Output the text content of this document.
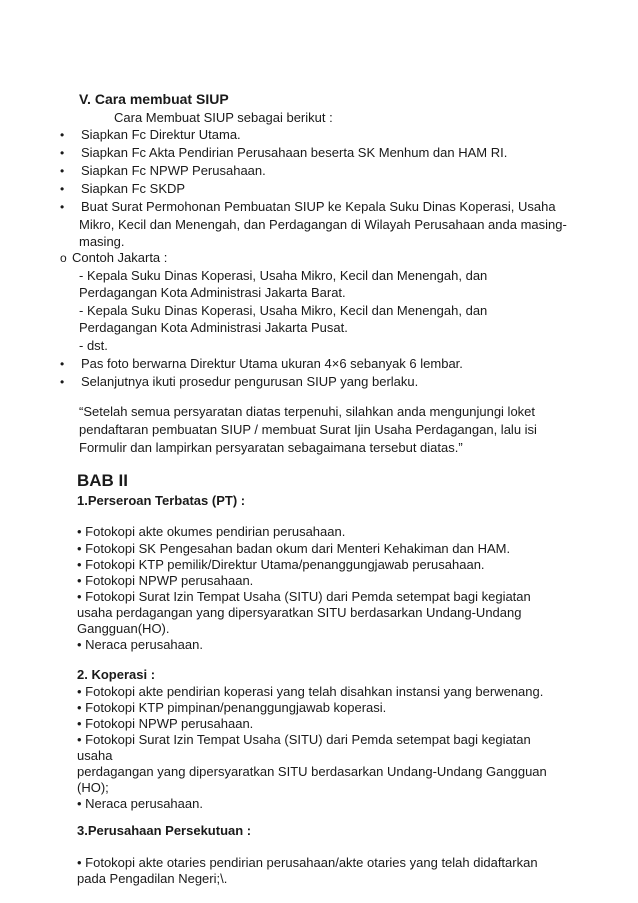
V. Cara membuat SIUP
Cara Membuat SIUP sebagai berikut :
• Siapkan Fc Direktur Utama.
• Siapkan Fc Akta Pendirian Perusahaan beserta SK Menhum dan HAM RI.
• Siapkan Fc NPWP Perusahaan.
• Siapkan Fc SKDP
• Buat Surat Permohonan Pembuatan SIUP ke Kepala Suku Dinas Koperasi, Usaha
Mikro, Kecil dan Menengah, dan Perdagangan di Wilayah Perusahaan anda masing-
masing.
o Contoh Jakarta :
- Kepala Suku Dinas Koperasi, Usaha Mikro, Kecil dan Menengah, dan
Perdagangan Kota Administrasi Jakarta Barat.
- Kepala Suku Dinas Koperasi, Usaha Mikro, Kecil dan Menengah, dan
Perdagangan Kota Administrasi Jakarta Pusat.
- dst.
• Pas foto berwarna Direktur Utama ukuran 4×6 sebanyak 6 lembar.
• Selanjutnya ikuti prosedur pengurusan SIUP yang berlaku.
“Setelah semua persyaratan diatas terpenuhi, silahkan anda mengunjungi loket
pendaftaran pembuatan SIUP / membuat Surat Ijin Usaha Perdagangan, lalu isi
Formulir dan lampirkan persyaratan sebagaimana tersebut diatas.”
BAB II
1.Perseroan Terbatas (PT) :
• Fotokopi akte okumes pendirian perusahaan.
• Fotokopi SK Pengesahan badan okum dari Menteri Kehakiman dan HAM.
• Fotokopi KTP pemilik/Direktur Utama/penanggungjawab perusahaan.
• Fotokopi NPWP perusahaan.
• Fotokopi Surat Izin Tempat Usaha (SITU) dari Pemda setempat bagi kegiatan
usaha perdagangan yang dipersyaratkan SITU berdasarkan Undang-Undang
Gangguan(HO).
• Neraca perusahaan.
2. Koperasi :
• Fotokopi akte pendirian koperasi yang telah disahkan instansi yang berwenang.
• Fotokopi KTP pimpinan/penanggungjawab koperasi.
• Fotokopi NPWP perusahaan.
• Fotokopi Surat Izin Tempat Usaha (SITU) dari Pemda setempat bagi kegiatan
usaha
perdagangan yang dipersyaratkan SITU berdasarkan Undang-Undang Gangguan
(HO);
• Neraca perusahaan.
3.Perusahaan Persekutuan :
• Fotokopi akte otaries pendirian perusahaan/akte otaries yang telah didaftarkan
pada Pengadilan Negeri;\.
